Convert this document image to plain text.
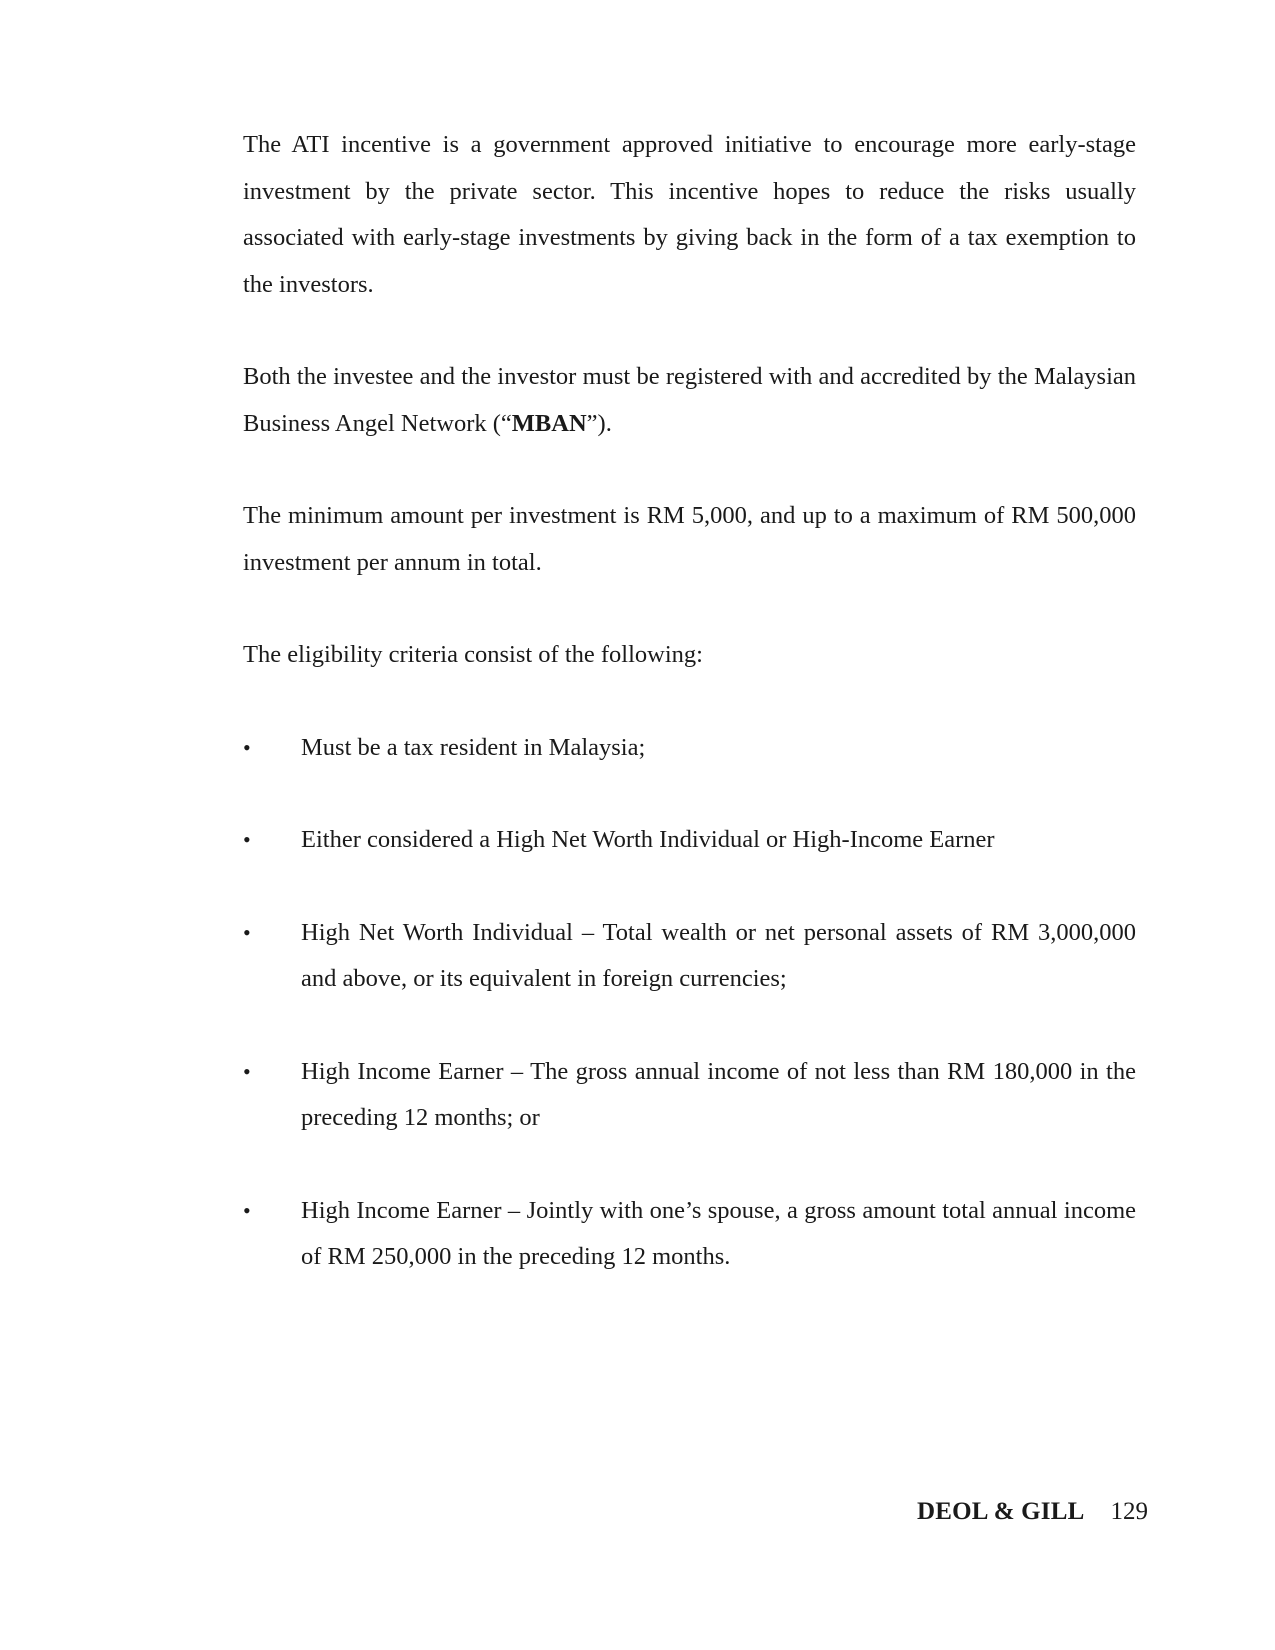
The ATI incentive is a government approved initiative to encourage more early-stage investment by the private sector. This incentive hopes to reduce the risks usually associated with early-stage investments by giving back in the form of a tax exemption to the investors.

Both the investee and the investor must be registered with and accredited by the Malaysian Business Angel Network (“MBAN”).

The minimum amount per investment is RM 5,000, and up to a maximum of RM 500,000 investment per annum in total.

The eligibility criteria consist of the following:

•	Must be a tax resident in Malaysia;
•	Either considered a High Net Worth Individual or High-Income Earner
•	High Net Worth Individual – Total wealth or net personal assets of RM 3,000,000 and above, or its equivalent in foreign currencies;
•	High Income Earner – The gross annual income of not less than RM 180,000 in the preceding 12 months; or
•	High Income Earner – Jointly with one’s spouse, a gross amount total annual income of RM 250,000 in the preceding 12 months.
DEOL & GILL 129
